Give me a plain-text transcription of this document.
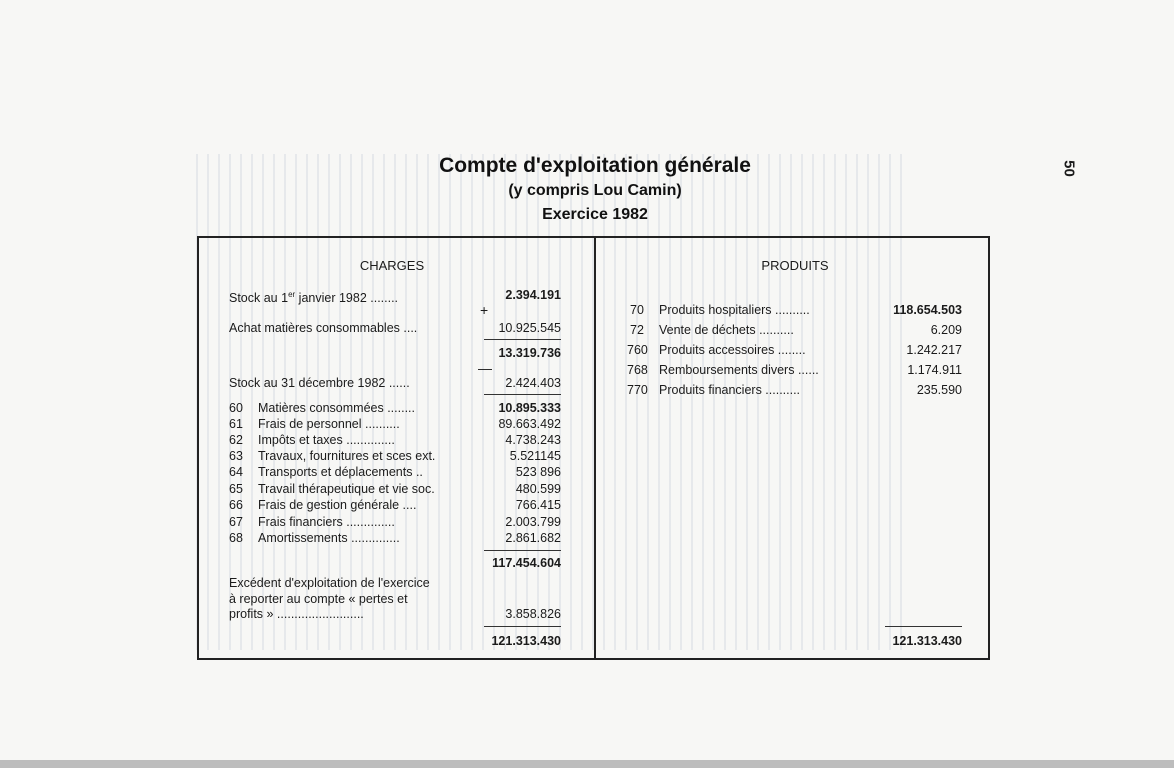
Compte d'exploitation générale
(y compris Lou Camin)
Exercice 1982
50
CHARGES
Stock au 1er janvier 1982 ........	2.394.191
+
Achat matières consommables ....	10.925.545
13.319.736
—
Stock au 31 décembre 1982 ......	2.424.403
60 Matières consommées ........	10.895.333
61 Frais de personnel ..........	89.663.492
62 Impôts et taxes ..............	4.738.243
63 Travaux, fournitures et sces ext.	5.521145
64 Transports et déplacements ..	523 896
65 Travail thérapeutique et vie soc.	480.599
66 Frais de gestion générale ....	766.415
67 Frais financiers ..............	2.003.799
68 Amortissements ..............	2.861.682
117.454.604
Excédent d'exploitation de l'exercice
à reporter au compte « pertes et
profits » .........................	3.858.826
121.313.430
PRODUITS
70 Produits hospitaliers ..........	118.654.503
72 Vente de déchets ..........	6.209
760 Produits accessoires ........	1.242.217
768 Remboursements divers ......	1.174.911
770 Produits financiers ..........	235.590
121.313.430
